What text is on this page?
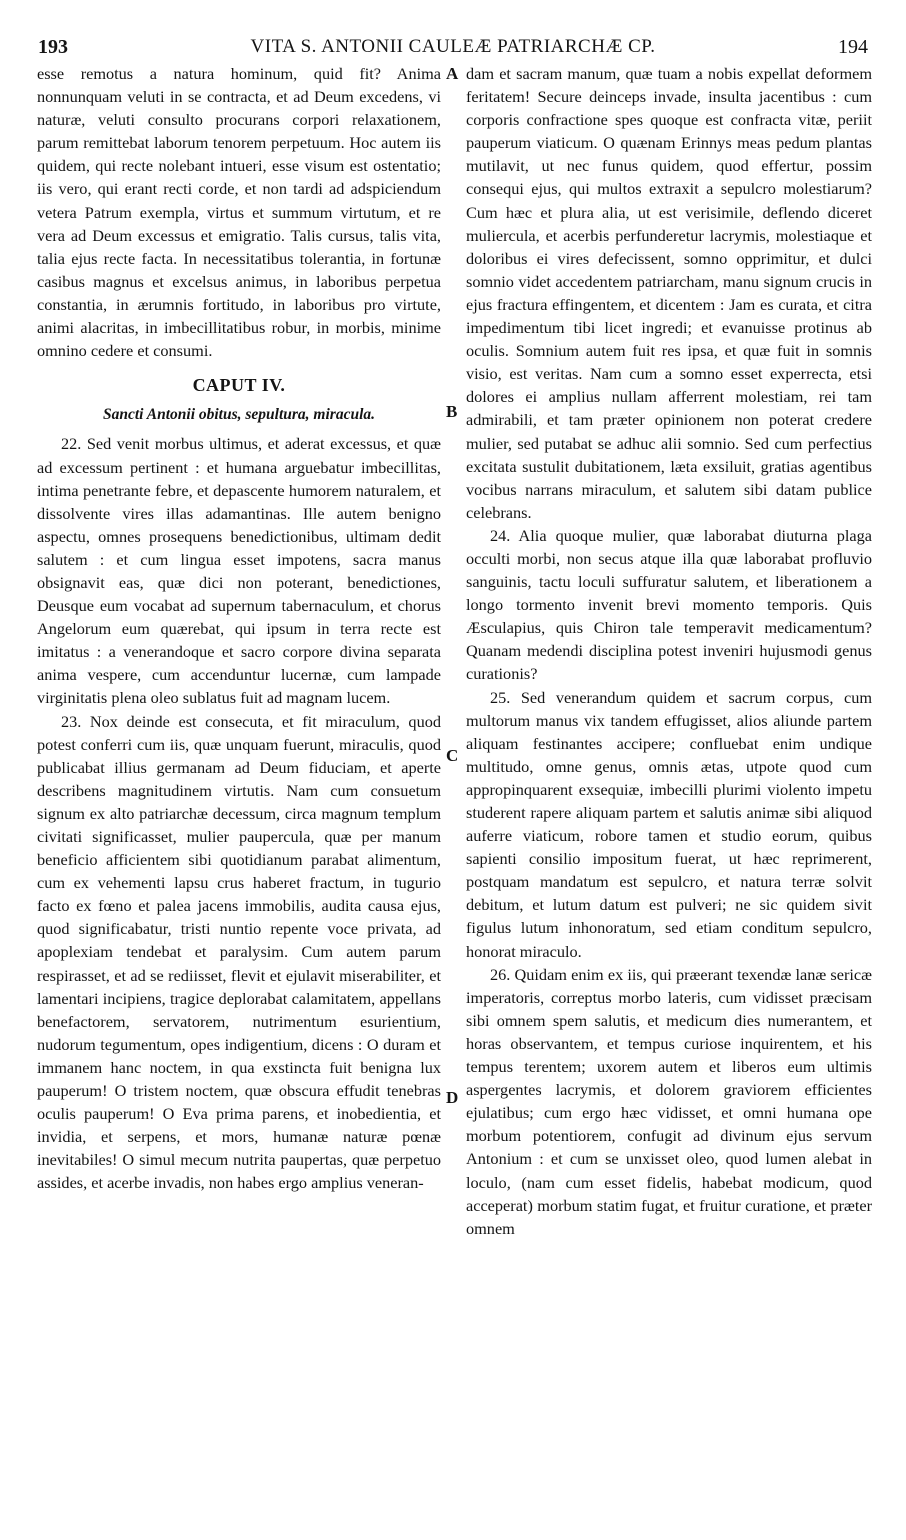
193	VITA S. ANTONII CAULEÆ PATRIARCHÆ CP.	194

esse remotus a natura hominum, quid fit? Anima nonnunquam veluti in se contracta, et ad Deum excedens, vi naturæ, veluti consulto procurans corpori relaxationem, parum remittebat laborum tenorem perpetuum. Hoc autem iis quidem, qui recte nolebant intueri, esse visum est ostentatio; iis vero, qui erant recti corde, et non tardi ad adspiciendum vetera Patrum exempla, virtus et summum virtutum, et re vera ad Deum excessus et emigratio. Talis cursus, talis vita, talia ejus recte facta. In necessitatibus tolerantia, in fortunæ casibus magnus et excelsus animus, in laboribus perpetua constantia, in ærumnis fortitudo, in laboribus pro virtute, animi alacritas, in imbecillitatibus robur, in morbis, minime omnino cedere et consumi.

CAPUT IV.

Sancti Antonii obitus, sepultura, miracula.

22. Sed venit morbus ultimus, et aderat excessus, et quæ ad excessum pertinent : et humana arguebatur imbecillitas, intima penetrante febre, et depascente humorem naturalem, et dissolvente vires illas adamantinas. Ille autem benigno aspectu, omnes prosequens benedictionibus, ultimam dedit salutem : et cum lingua esset impotens, sacra manus obsignavit eas, quæ dici non poterant, benedictiones, Deusque eum vocabat ad supernum tabernaculum, et chorus Angelorum eum quærebat, qui ipsum in terra recte est imitatus : a venerandoque et sacro corpore divina separata anima vespere, cum accenduntur lucernæ, cum lampade virginitatis plena oleo sublatus fuit ad magnam lucem.

23. Nox deinde est consecuta, et fit miraculum, quod potest conferri cum iis, quæ unquam fuerunt, miraculis, quod publicabat illius germanam ad Deum fiduciam, et aperte describens magnitudinem virtutis. Nam cum consuetum signum ex alto patriarchæ decessum, circa magnum templum civitati significasset, mulier paupercula, quæ per manum beneficio afficientem sibi quotidianum parabat alimentum, cum ex vehementi lapsu crus haberet fractum, in tugurio facto ex fœno et palea jacens immobilis, audita causa ejus, quod significabatur, tristi nuntio repente voce privata, ad apoplexiam tendebat et paralysim. Cum autem parum respirasset, et ad se rediisset, flevit et ejulavit miserabiliter, et lamentari incipiens, tragice deplorabat calamitatem, appellans benefactorem, servatorem, nutrimentum esurientium, nudorum tegumentum, opes indigentium, dicens : O duram et immanem hanc noctem, in qua exstincta fuit benigna lux pauperum! O tristem noctem, quæ obscura effudit tenebras oculis pauperum! O Eva prima parens, et inobedientia, et invidia, et serpens, et mors, humanæ naturæ pœnæ inevitabiles! O simul mecum nutrita paupertas, quæ perpetuo assides, et acerbe invadis, non habes ergo amplius veneran-

A
B
C
D

dam et sacram manum, quæ tuam a nobis expellat deformem feritatem! Secure deinceps invade, insulta jacentibus : cum corporis confractione spes quoque est confracta vitæ, periit pauperum viaticum. O quænam Erinnys meas pedum plantas mutilavit, ut nec funus quidem, quod effertur, possim consequi ejus, qui multos extraxit a sepulcro molestiarum? Cum hæc et plura alia, ut est verisimile, deflendo diceret muliercula, et acerbis perfunderetur lacrymis, molestiaque et doloribus ei vires defecissent, somno opprimitur, et dulci somnio videt accedentem patriarcham, manu signum crucis in ejus fractura effingentem, et dicentem : Jam es curata, et citra impedimentum tibi licet ingredi; et evanuisse protinus ab oculis. Somnium autem fuit res ipsa, et quæ fuit in somnis visio, est veritas. Nam cum a somno esset experrecta, etsi dolores ei amplius nullam afferrent molestiam, rei tam admirabili, et tam præter opinionem non poterat credere mulier, sed putabat se adhuc alii somnio. Sed cum perfectius excitata sustulit dubitationem, læta exsiluit, gratias agentibus vocibus narrans miraculum, et salutem sibi datam publice celebrans.

24. Alia quoque mulier, quæ laborabat diuturna plaga occulti morbi, non secus atque illa quæ laborabat profluvio sanguinis, tactu loculi suffuratur salutem, et liberationem a longo tormento invenit brevi momento temporis. Quis Æsculapius, quis Chiron tale temperavit medicamentum? Quanam medendi disciplina potest inveniri hujusmodi genus curationis?

25. Sed venerandum quidem et sacrum corpus, cum multorum manus vix tandem effugisset, alios aliunde partem aliquam festinantes accipere; confluebat enim undique multitudo, omne genus, omnis ætas, utpote quod cum appropinquarent exsequiæ, imbecilli plurimi violento impetu studerent rapere aliquam partem et salutis animæ sibi aliquod auferre viaticum, robore tamen et studio eorum, quibus sapienti consilio impositum fuerat, ut hæc reprimerent, postquam mandatum est sepulcro, et natura terræ solvit debitum, et lutum datum est pulveri; ne sic quidem sivit figulus lutum inhonoratum, sed etiam conditum sepulcro, honorat miraculo.

26. Quidam enim ex iis, qui præerant texendæ lanæ sericæ imperatoris, correptus morbo lateris, cum vidisset præcisam sibi omnem spem salutis, et medicum dies numerantem, et horas observantem, et tempus curiose inquirentem, et his tempus terentem; uxorem autem et liberos eum ultimis aspergentes lacrymis, et dolorem graviorem efficientes ejulatibus; cum ergo hæc vidisset, et omni humana ope morbum potentiorem, confugit ad divinum ejus servum Antonium : et cum se unxisset oleo, quod lumen alebat in loculo, (nam cum esset fidelis, habebat modicum, quod acceperat) morbum statim fugat, et fruitur curatione, et præter omnem
